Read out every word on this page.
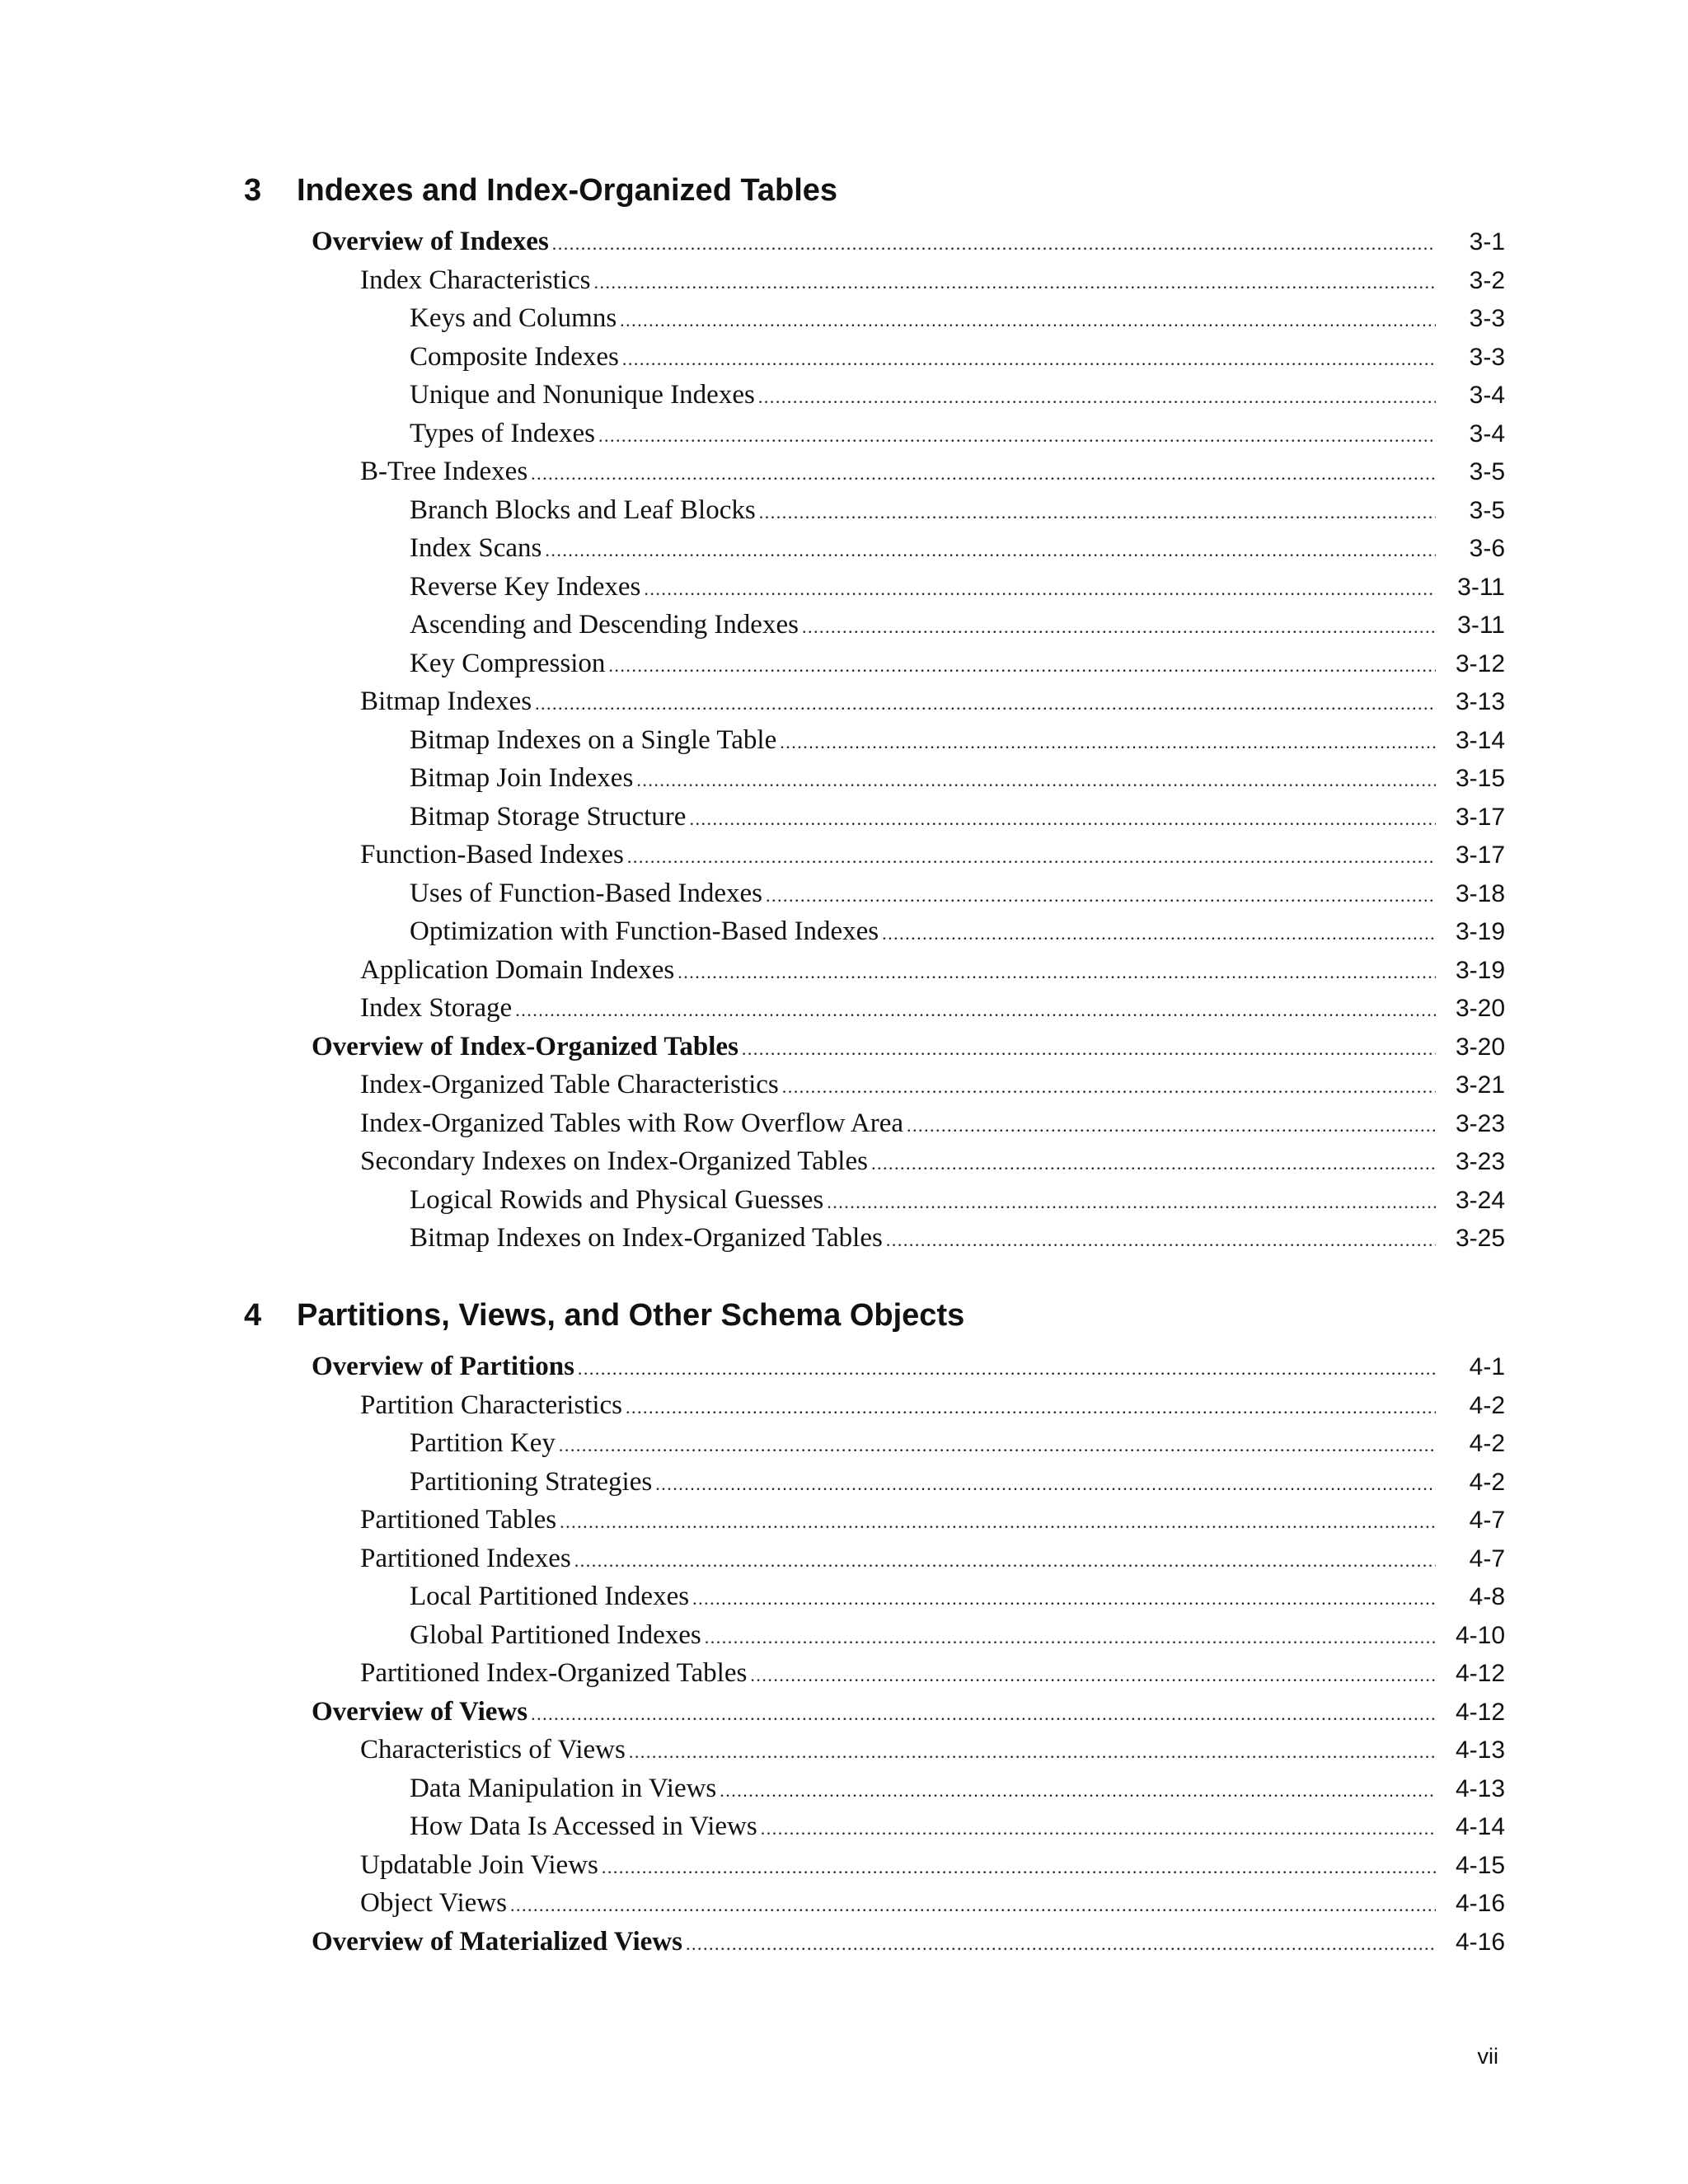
3	Indexes and Index-Organized Tables
Overview of Indexes .....	3-1
Index Characteristics .....	3-2
Keys and Columns .....	3-3
Composite Indexes .....	3-3
Unique and Nonunique Indexes .....	3-4
Types of Indexes .....	3-4
B-Tree Indexes .....	3-5
Branch Blocks and Leaf Blocks .....	3-5
Index Scans .....	3-6
Reverse Key Indexes .....	3-11
Ascending and Descending Indexes .....	3-11
Key Compression .....	3-12
Bitmap Indexes .....	3-13
Bitmap Indexes on a Single Table .....	3-14
Bitmap Join Indexes .....	3-15
Bitmap Storage Structure .....	3-17
Function-Based Indexes .....	3-17
Uses of Function-Based Indexes .....	3-18
Optimization with Function-Based Indexes .....	3-19
Application Domain Indexes .....	3-19
Index Storage .....	3-20
Overview of Index-Organized Tables .....	3-20
Index-Organized Table Characteristics .....	3-21
Index-Organized Tables with Row Overflow Area .....	3-23
Secondary Indexes on Index-Organized Tables .....	3-23
Logical Rowids and Physical Guesses .....	3-24
Bitmap Indexes on Index-Organized Tables .....	3-25
4	Partitions, Views, and Other Schema Objects
Overview of Partitions .....	4-1
Partition Characteristics .....	4-2
Partition Key .....	4-2
Partitioning Strategies .....	4-2
Partitioned Tables .....	4-7
Partitioned Indexes .....	4-7
Local Partitioned Indexes .....	4-8
Global Partitioned Indexes .....	4-10
Partitioned Index-Organized Tables .....	4-12
Overview of Views .....	4-12
Characteristics of Views .....	4-13
Data Manipulation in Views .....	4-13
How Data Is Accessed in Views .....	4-14
Updatable Join Views .....	4-15
Object Views .....	4-16
Overview of Materialized Views .....	4-16
vii
